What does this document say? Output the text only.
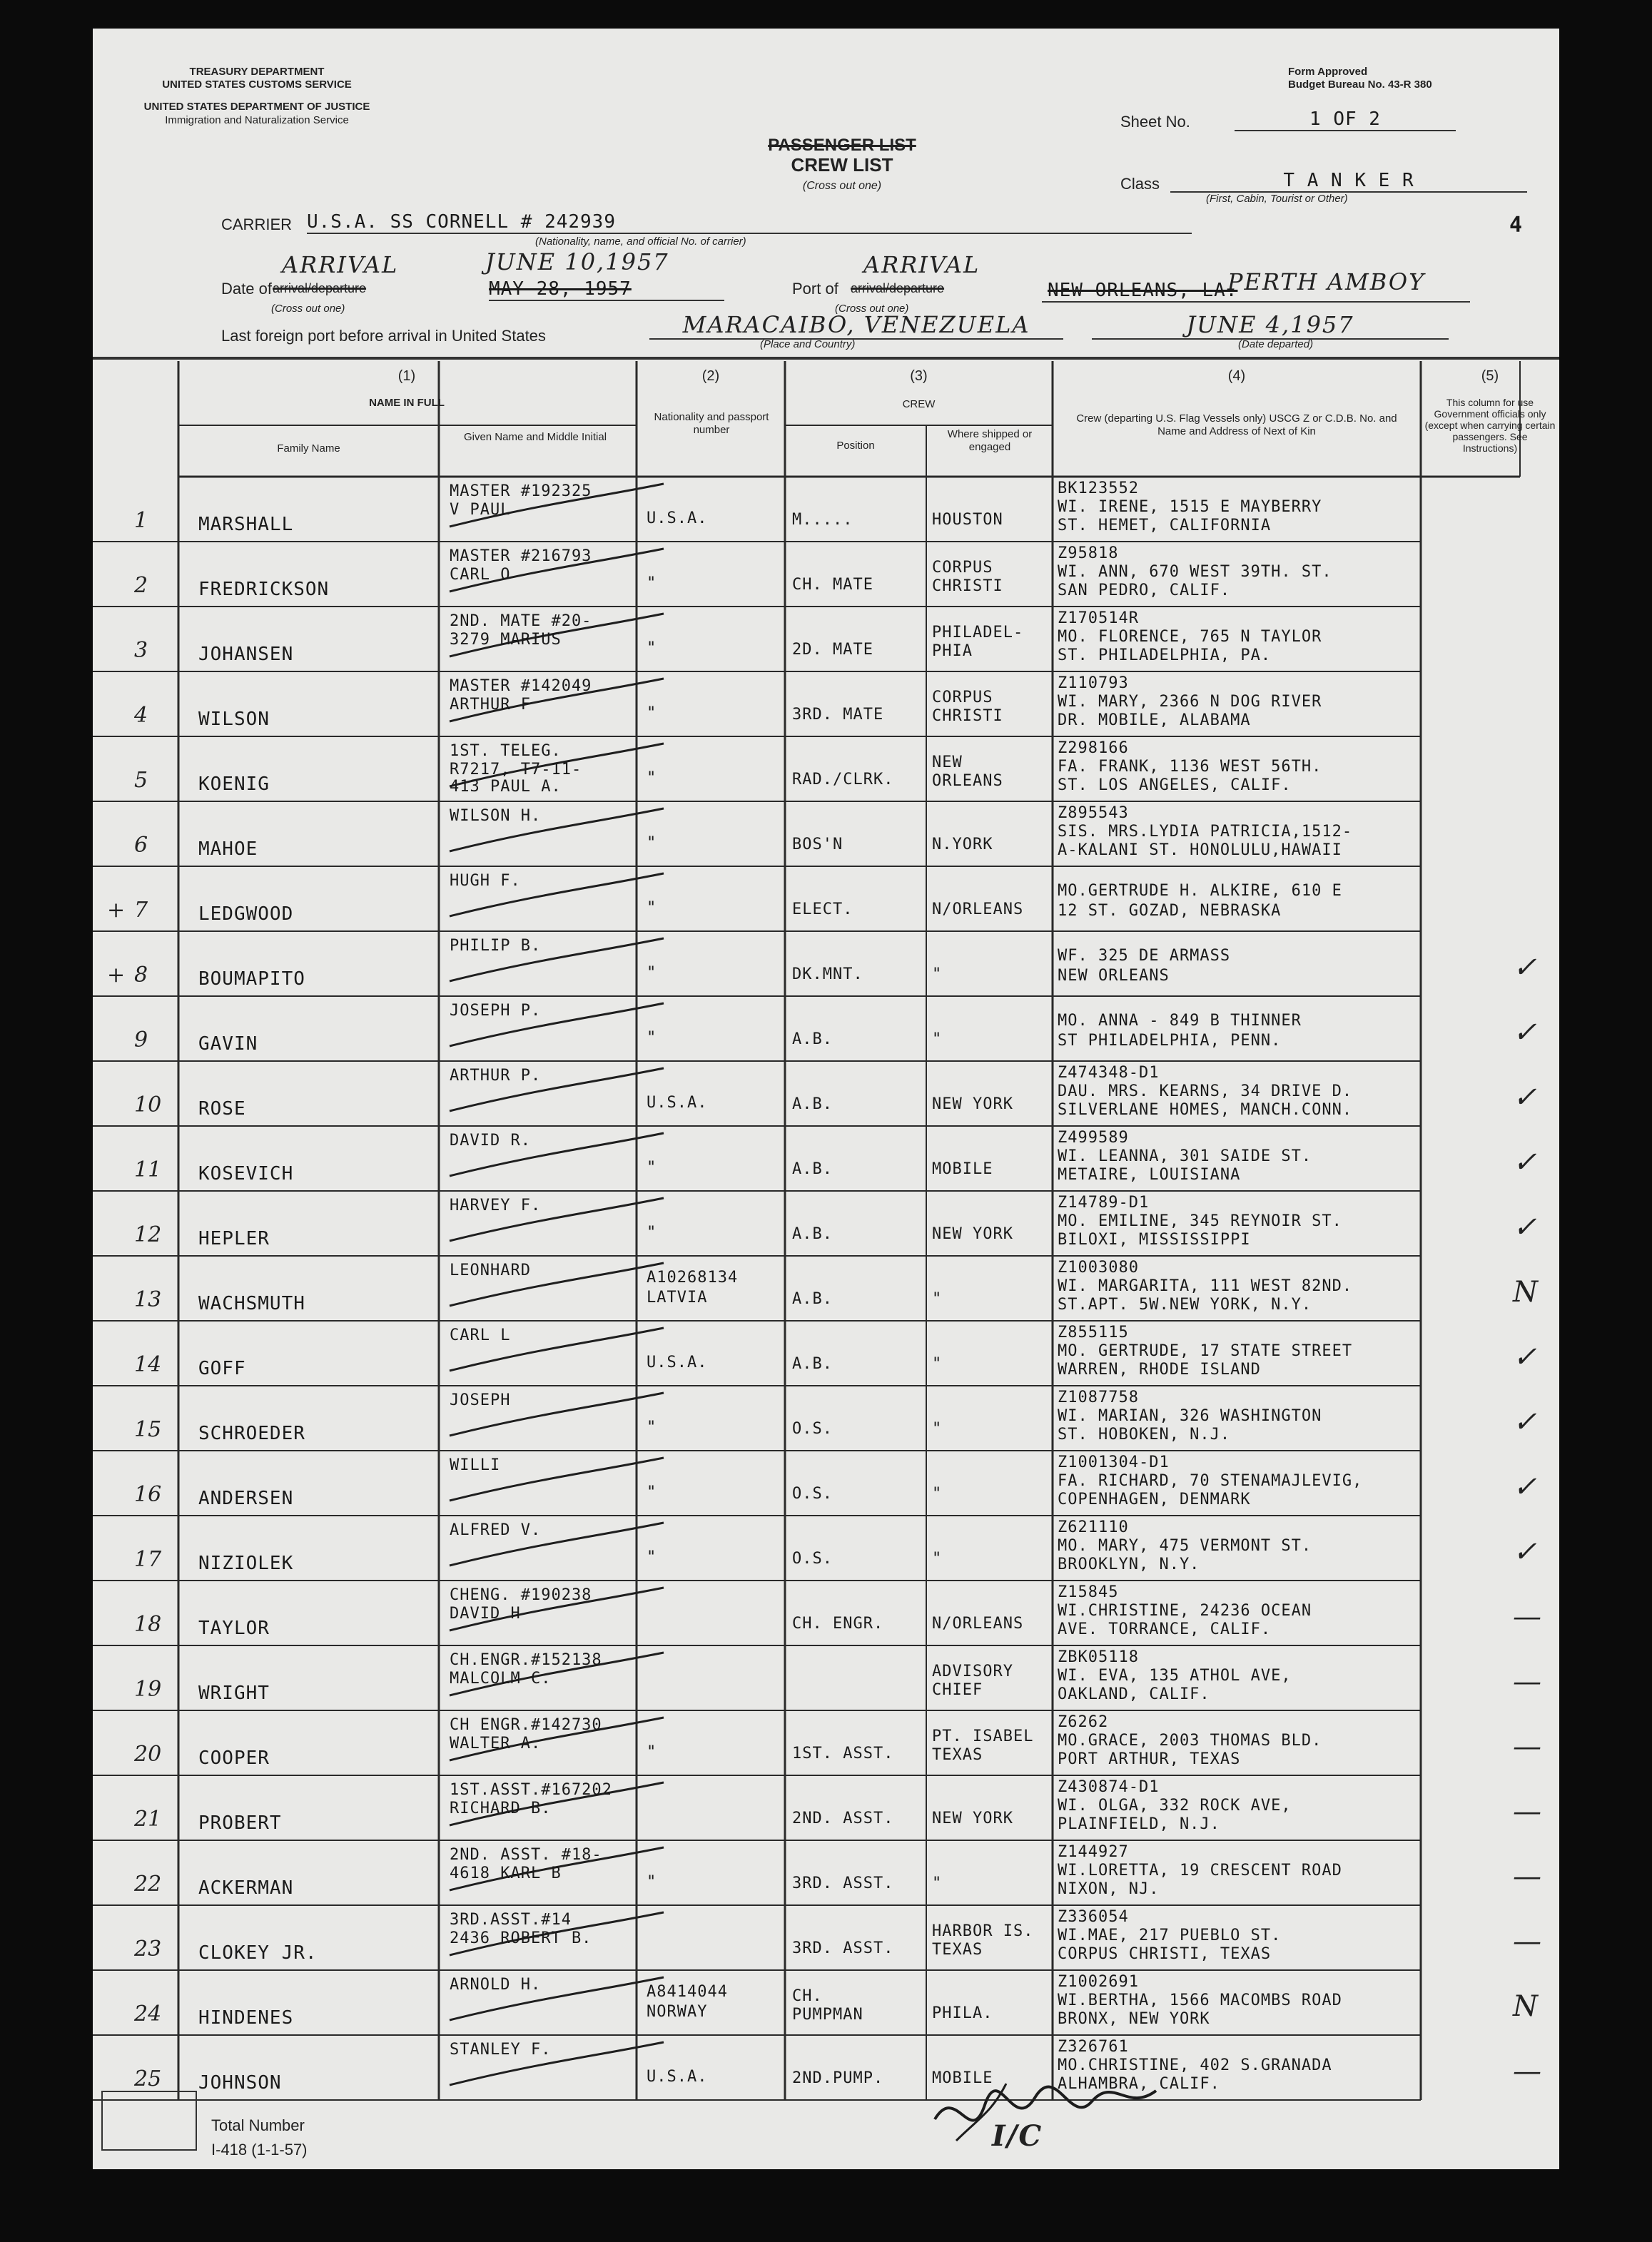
TREASURY DEPARTMENT
UNITED STATES CUSTOMS SERVICE
UNITED STATES DEPARTMENT OF JUSTICE
Immigration and Naturalization Service
Form Approved
Budget Bureau No. 43-R 380
PASSENGER LIST
CREW LIST
(Cross out one)
Sheet No.	1 OF 2
Class	T A N K E R
(First, Cabin, Tourist or Other)
4
CARRIER U.S.A. SS CORNELL # 242939
(Nationality, name, and official No. of carrier)
ARRIVAL	JUNE 10,1957
Date of arrival/departure	MAY 28, 1957
(Cross out one)
ARRIVAL
Port of arrival/departure	NEW ORLEANS, LA.
PERTH AMBOY
(Cross out one)
Last foreign port before arrival in United States	MARACAIBO, VENEZUELA
(Place and Country)
JUNE 4,1957
(Date departed)
(1)
NAME IN FULL
Family Name
Given Name and Middle Initial
(2)
Nationality and passport number
(3)
CREW
Position
Where shipped or engaged
(4)
Crew (departing U.S. Flag Vessels only) USCG Z or C.D.B. No. and Name and Address of Next of Kin
(5)
This column for use Government officials only (except when carrying certain passengers. See Instructions)
1	MARSHALL
MASTER #192325
V PAUL	U.S.A.	M.....	HOUSTON
BK123552
WI. IRENE, 1515 E MAYBERRY
ST. HEMET, CALIFORNIA
2	FREDRICKSON
MASTER #216793
CARL O	"	CH. MATE
CORPUS
CHRISTI
Z95818
WI. ANN, 670 WEST 39TH. ST.
SAN PEDRO, CALIF.
3	JOHANSEN
2ND. MATE #20-
3279 MARIUS	"	2D. MATE
PHILADEL-
PHIA
Z170514R
MO. FLORENCE, 765 N TAYLOR
ST. PHILADELPHIA, PA.
4	WILSON
MASTER #142049
ARTHUR F	"	3RD. MATE
CORPUS
CHRISTI
Z110793
WI. MARY, 2366 N DOG RIVER
DR. MOBILE, ALABAMA
5	KOENIG
1ST. TELEG.
R7217, T7-11-
413 PAUL A.	"	RAD./CLRK.
NEW
ORLEANS
Z298166
FA. FRANK, 1136 WEST 56TH.
ST. LOS ANGELES, CALIF.
6	MAHOE
WILSON H.
"	BOS'N	N.YORK
Z895543
SIS. MRS.LYDIA PATRICIA,1512-
A-KALANI ST. HONOLULU,HAWAII
7
+	LEDGWOOD
HUGH F.
"	ELECT.	N/ORLEANS
MO.GERTRUDE H. ALKIRE, 610 E
12 ST. GOZAD, NEBRASKA
8
+	BOUMAPITO
PHILIP B.
"	DK.MNT.	"
WF. 325 DE ARMASS
NEW ORLEANS	✓
9	GAVIN
JOSEPH P.
"	A.B.	"
MO. ANNA - 849 B THINNER
ST PHILADELPHIA, PENN.	✓
10 ROSE
ARTHUR P.
U.S.A.	A.B.	NEW YORK
Z474348-D1
DAU. MRS. KEARNS, 34 DRIVE D.
SILVERLANE HOMES, MANCH.CONN.	✓
11 KOSEVICH
DAVID R.
"	A.B.	MOBILE
Z499589
WI. LEANNA, 301 SAIDE ST.
METAIRE, LOUISIANA	✓
12 HEPLER
HARVEY F.
"	A.B.	NEW YORK
Z14789-D1
MO. EMILINE, 345 REYNOIR ST.
BILOXI, MISSISSIPPI	✓
13 WACHSMUTH
LEONHARD	A10268134
LATVIA	A.B.	"
Z1003080
WI. MARGARITA, 111 WEST 82ND.
ST.APT. 5W.NEW YORK, N.Y.	N
14 GOFF
CARL L
U.S.A.	A.B.	"
Z855115
MO. GERTRUDE, 17 STATE STREET
WARREN, RHODE ISLAND	✓
15 SCHROEDER
JOSEPH
"	O.S.	"
Z1087758
WI. MARIAN, 326 WASHINGTON
ST. HOBOKEN, N.J.	✓
16 ANDERSEN
WILLI
"	O.S.	"
Z1001304-D1
FA. RICHARD, 70 STENAMAJLEVIG,
COPENHAGEN, DENMARK	✓
17 NIZIOLEK
ALFRED V.
"	O.S.	"
Z621110
MO. MARY, 475 VERMONT ST.
BROOKLYN, N.Y.	✓
18 TAYLOR
CHENG. #190238
DAVID H
CH. ENGR.	N/ORLEANS
Z15845
WI.CHRISTINE, 24236 OCEAN
AVE. TORRANCE, CALIF.	—
19 WRIGHT
CH.ENGR.#152138
MALCOLM C.	ADVISORY
CHIEF
ZBK05118
WI. EVA, 135 ATHOL AVE,
OAKLAND, CALIF.	—
20 COOPER
CH ENGR.#142730
WALTER A.	"	1ST. ASST.
PT. ISABEL
TEXAS
Z6262
MO.GRACE, 2003 THOMAS BLD.
PORT ARTHUR, TEXAS	—
21 PROBERT
1ST.ASST.#167202
RICHARD B.
2ND. ASST. NEW YORK
Z430874-D1
WI. OLGA, 332 ROCK AVE,
PLAINFIELD, N.J.	—
22 ACKERMAN
2ND. ASST. #18-
4618 KARL B	"	3RD. ASST. "
Z144927
WI.LORETTA, 19 CRESCENT ROAD
NIXON, NJ.	—
23 CLOKEY JR.
3RD.ASST.#14
2436 ROBERT B.
3RD. ASST.
HARBOR IS.
TEXAS
Z336054
WI.MAE, 217 PUEBLO ST.
CORPUS CHRISTI, TEXAS	—
24 HINDENES
ARNOLD H.	A8414044
NORWAY
CH.
PUMPMAN	PHILA.
Z1002691
WI.BERTHA, 1566 MACOMBS ROAD
BRONX, NEW YORK	N
25 JOHNSON
STANLEY F.
U.S.A.	2ND.PUMP.	MOBILE
Z326761
MO.CHRISTINE, 402 S.GRANADA
ALHAMBRA, CALIF.	—
Total Number
I-418 (1-1-57)	I/C
